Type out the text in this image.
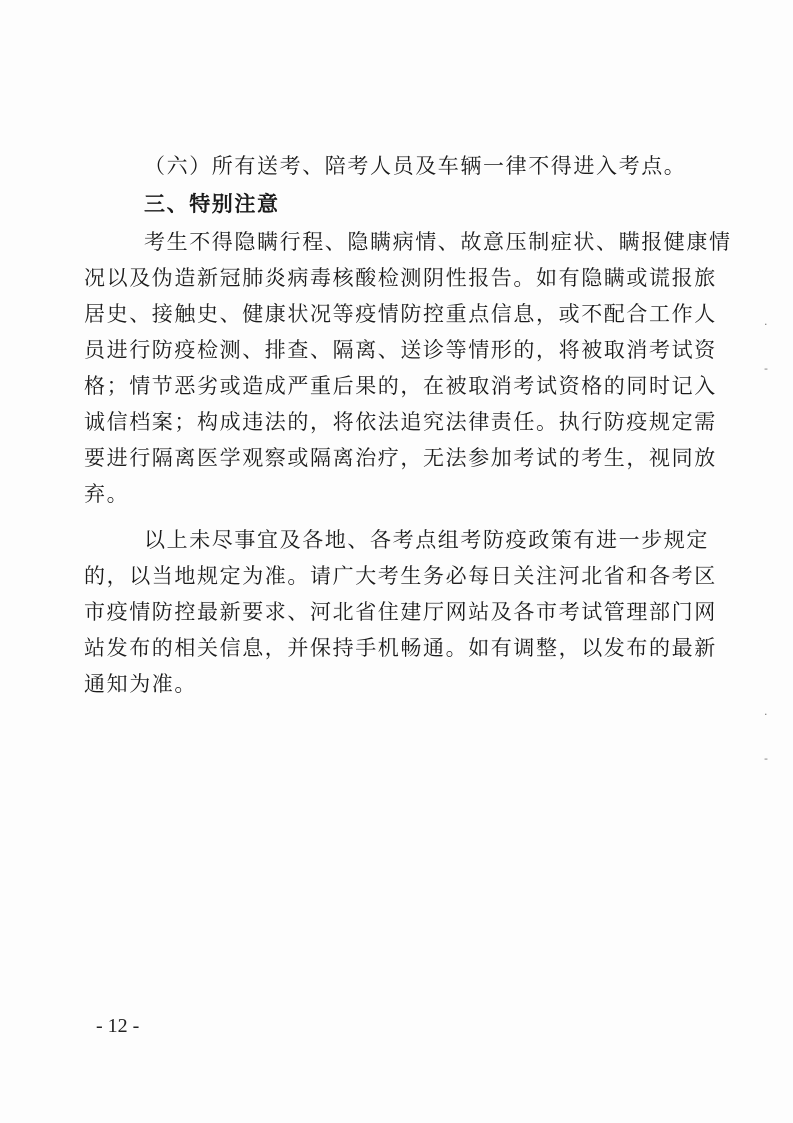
（六）所有送考、陪考人员及车辆一律不得进入考点。
三、特别注意
考生不得隐瞒行程、隐瞒病情、故意压制症状、瞒报健康情
况以及伪造新冠肺炎病毒核酸检测阴性报告。如有隐瞒或谎报旅
居史、接触史、健康状况等疫情防控重点信息，或不配合工作人
员进行防疫检测、排查、隔离、送诊等情形的，将被取消考试资
格；情节恶劣或造成严重后果的，在被取消考试资格的同时记入
诚信档案；构成违法的，将依法追究法律责任。执行防疫规定需
要进行隔离医学观察或隔离治疗，无法参加考试的考生，视同放
弃。
以上未尽事宜及各地、各考点组考防疫政策有进一步规定
的，以当地规定为准。请广大考生务必每日关注河北省和各考区
市疫情防控最新要求、河北省住建厅网站及各市考试管理部门网
站发布的相关信息，并保持手机畅通。如有调整，以发布的最新
通知为准。
- 12 -
·
-
·
-
